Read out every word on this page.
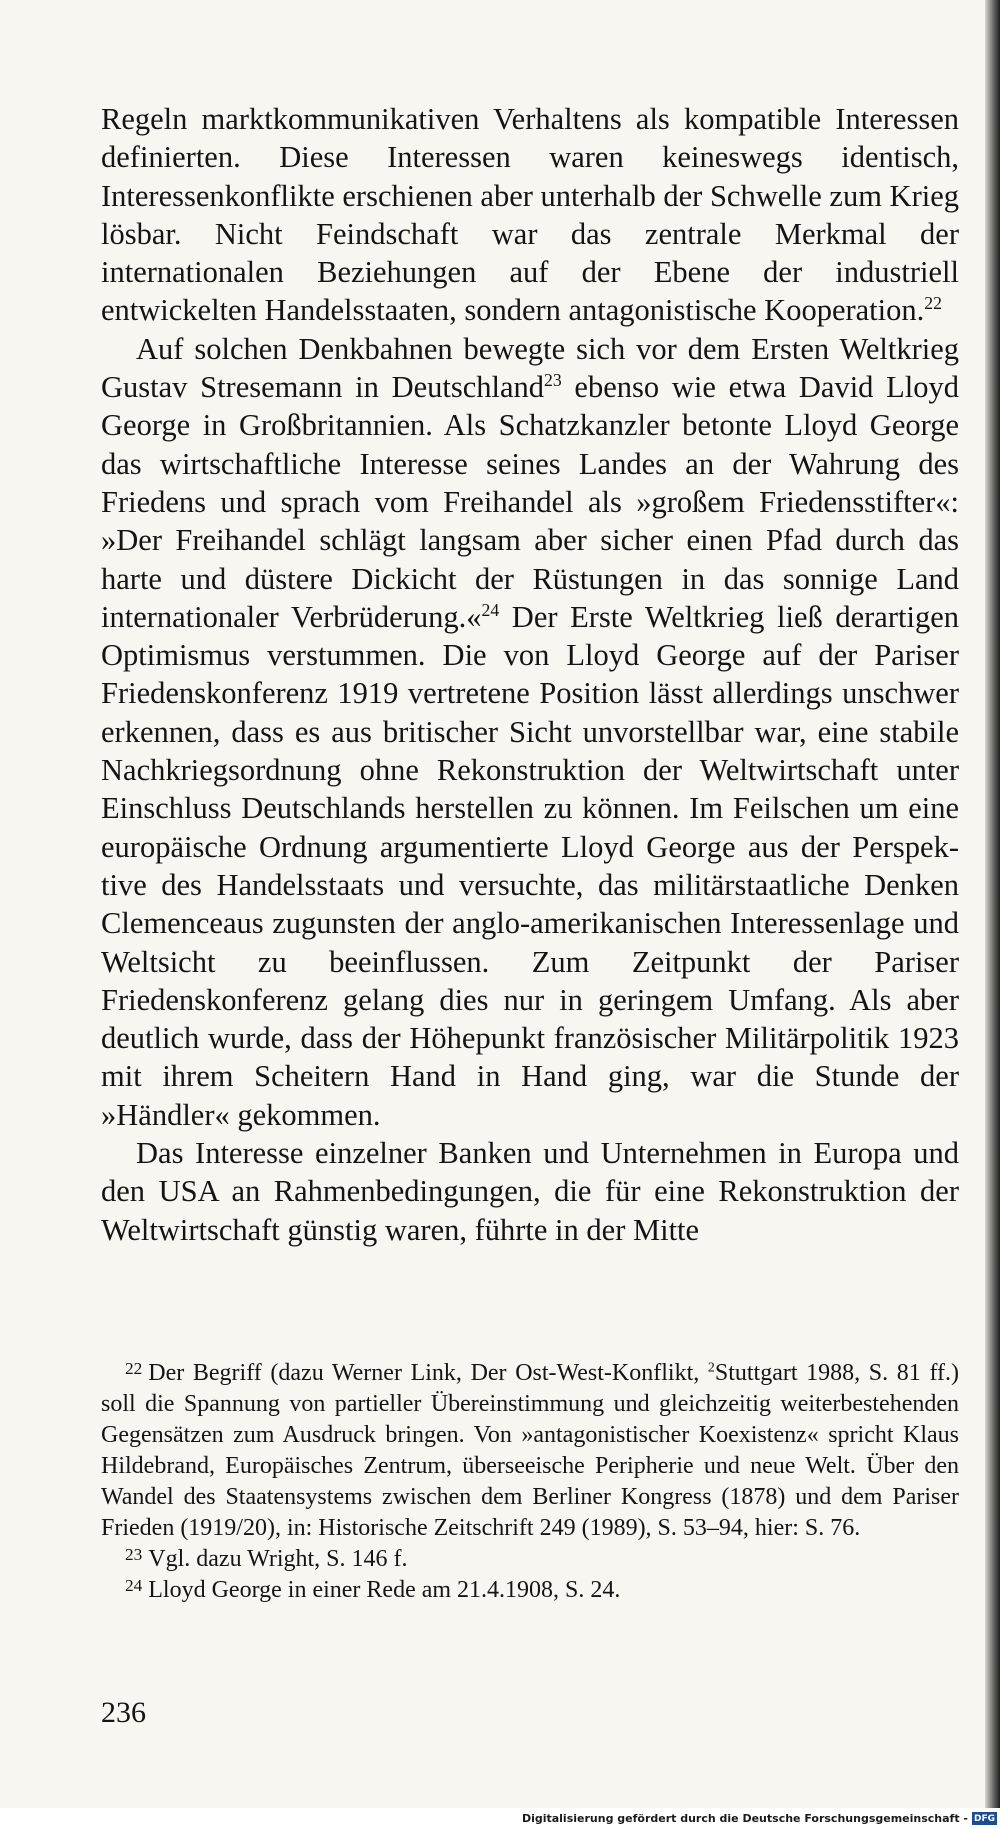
Regeln marktkommunikativen Verhaltens als kompatible Interessen definierten. Diese Interessen waren keineswegs identisch, Interessenkonflikte erschienen aber unterhalb der Schwelle zum Krieg lösbar. Nicht Feindschaft war das zentrale Merkmal der internationalen Beziehungen auf der Ebene der industriell entwickelten Handelsstaaten, sondern antagonistische Kooperation.$^{22}$

Auf solchen Denkbahnen bewegte sich vor dem Ersten Weltkrieg Gustav Stresemann in Deutschland$^{23}$ ebenso wie etwa David Lloyd George in Großbritannien. Als Schatzkanzler betonte Lloyd George das wirtschaftliche Interesse seines Landes an der Wahrung des Friedens und sprach vom Freihandel als »großem Friedensstifter«: »Der Freihandel schlägt langsam aber sicher einen Pfad durch das harte und düstere Dickicht der Rüstungen in das sonnige Land internationaler Verbrüderung.«$^{24}$ Der Erste Weltkrieg ließ derartigen Optimismus verstummen. Die von Lloyd George auf der Pariser Friedenskonferenz 1919 vertretene Position lässt allerdings unschwer erkennen, dass es aus britischer Sicht unvorstellbar war, eine stabile Nachkriegsordnung ohne Rekonstruktion der Weltwirtschaft unter Einschluss Deutschlands herstellen zu können. Im Feilschen um eine europäische Ordnung argumentierte Lloyd George aus der Perspektive des Handelsstaats und versuchte, das militärstaatliche Denken Clemenceaus zugunsten der anglo-amerikanischen Interessenlage und Weltsicht zu beeinflussen. Zum Zeitpunkt der Pariser Friedenskonferenz gelang dies nur in geringem Umfang. Als aber deutlich wurde, dass der Höhepunkt französischer Militärpolitik 1923 mit ihrem Scheitern Hand in Hand ging, war die Stunde der »Händler« gekommen.

Das Interesse einzelner Banken und Unternehmen in Europa und den USA an Rahmenbedingungen, die für eine Rekonstruktion der Weltwirtschaft günstig waren, führte in der Mitte

$^{22}$ Der Begriff (dazu Werner Link, Der Ost-West-Konflikt, $^2$Stuttgart 1988, S. 81 ff.) soll die Spannung von partieller Übereinstimmung und gleichzeitig weiterbestehenden Gegensätzen zum Ausdruck bringen. Von »antagonistischer Koexistenz« spricht Klaus Hildebrand, Europäisches Zentrum, überseeische Peripherie und neue Welt. Über den Wandel des Staatensystems zwischen dem Berliner Kongress (1878) und dem Pariser Frieden (1919/20), in: Historische Zeitschrift 249 (1989), S. 53–94, hier: S. 76.

$^{23}$ Vgl. dazu Wright, S. 146 f.

$^{24}$ Lloyd George in einer Rede am 21.4.1908, S. 24.

236
Digitalisierung gefördert durch die Deutsche Forschungsgemeinschaft - DFG
